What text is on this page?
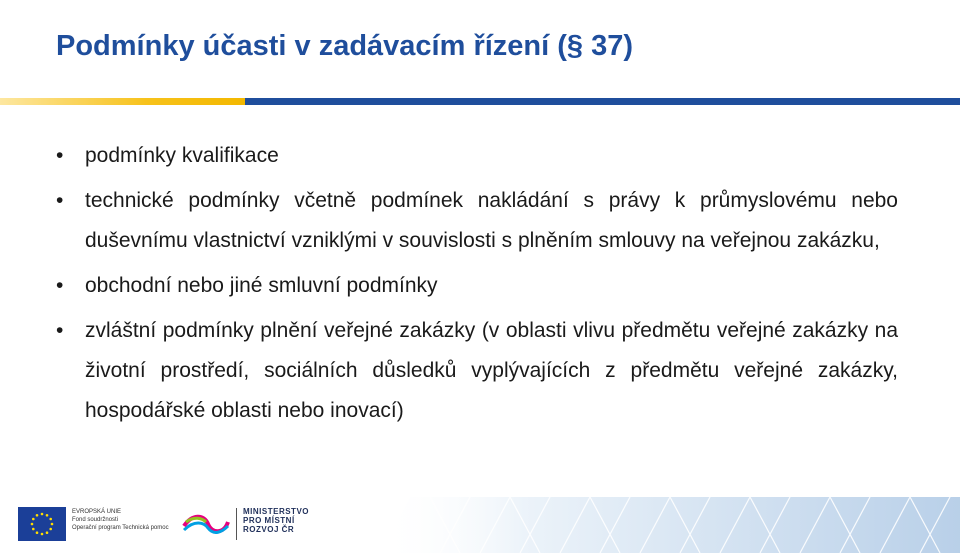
Podmínky účasti v zadávacím řízení (§ 37)
• podmínky kvalifikace
• technické podmínky včetně podmínek nakládání s právy k průmyslovému nebo duševnímu vlastnictví vzniklými v souvislosti s plněním smlouvy na veřejnou zakázku,
• obchodní nebo jiné smluvní podmínky
• zvláštní podmínky plnění veřejné zakázky (v oblasti vlivu předmětu veřejné zakázky na životní prostředí, sociálních důsledků vyplývajících z předmětu veřejné zakázky, hospodářské oblasti nebo inovací)
EVROPSKÁ UNIE
Fond soudržnosti
Operační program Technická pomoc
MINISTERSTVO
PRO MÍSTNÍ
ROZVOJ ČR
